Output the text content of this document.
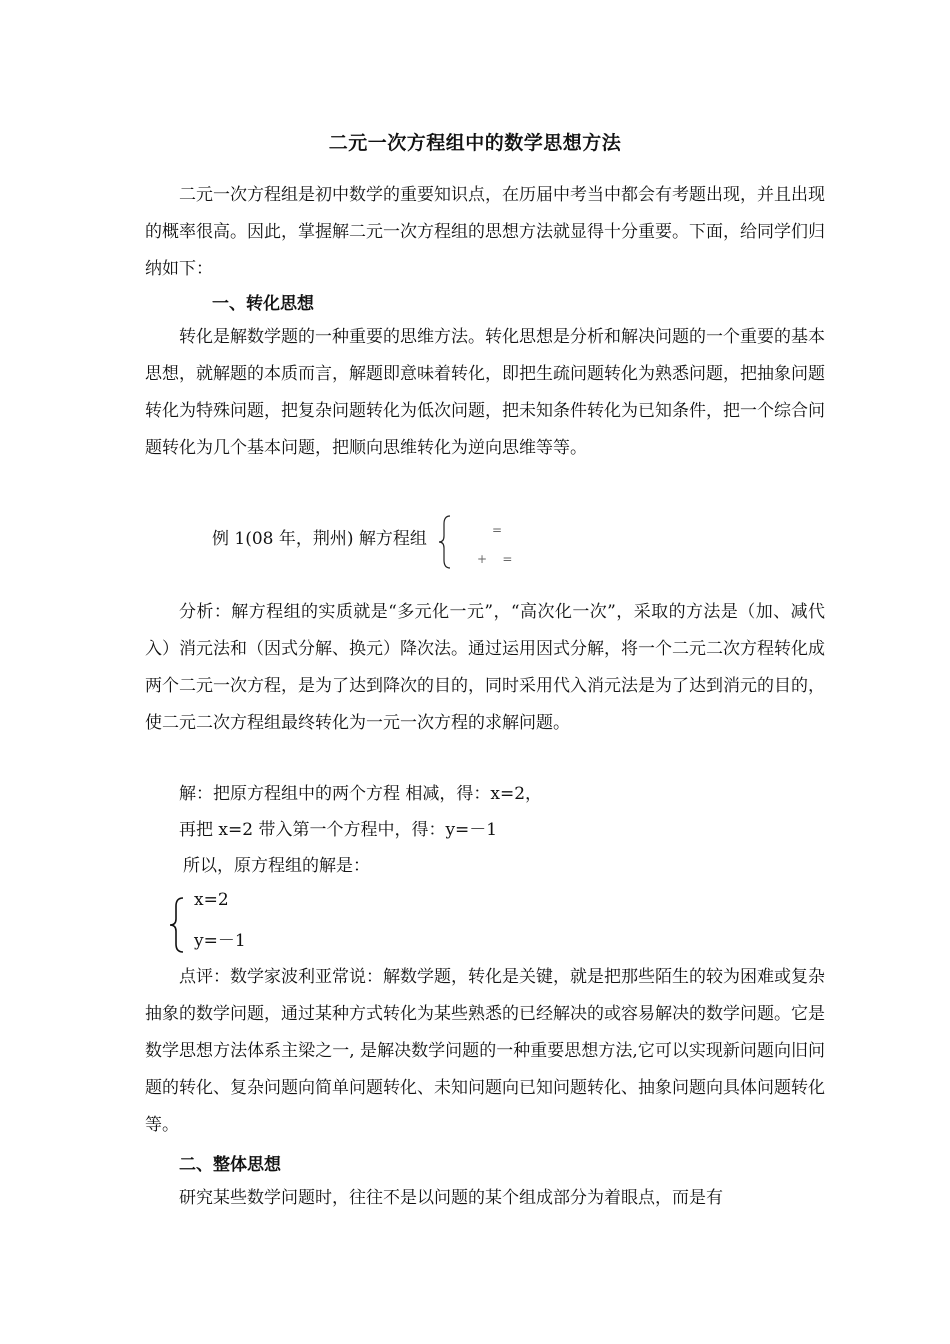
二元一次方程组中的数学思想方法
二元一次方程组是初中数学的重要知识点，在历届中考当中都会有考题出现，并且出现的概率很高。因此，掌握解二元一次方程组的思想方法就显得十分重要。下面，给同学们归纳如下：
一、转化思想
转化是解数学题的一种重要的思维方法。转化思想是分析和解决问题的一个重要的基本思想，就解题的本质而言，解题即意味着转化，即把生疏问题转化为熟悉问题，把抽象问题转化为特殊问题，把复杂问题转化为低次问题，把未知条件转化为已知条件，把一个综合问题转化为几个基本问题，把顺向思维转化为逆向思维等等。
例 1(08 年，荆州) 解方程组	=
+    =
分析：解方程组的实质就是“多元化一元”，“高次化一次”，采取的方法是（加、减代入）消元法和（因式分解、换元）降次法。通过运用因式分解，将一个二元二次方程转化成两个二元一次方程，是为了达到降次的目的，同时采用代入消元法是为了达到消元的目的，使二元二次方程组最终转化为一元一次方程的求解问题。
解：把原方程组中的两个方程 相减，得：x=2，
再把 x=2 带入第一个方程中，得：y=－1
所以，原方程组的解是：
x=2
y=－1
点评：数学家波利亚常说：解数学题，转化是关键，就是把那些陌生的较为困难或复杂抽象的数学问题，通过某种方式转化为某些熟悉的已经解决的或容易解决的数学问题。它是数学思想方法体系主梁之一, 是解决数学问题的一种重要思想方法,它可以实现新问题向旧问题的转化、复杂问题向简单问题转化、未知问题向已知问题转化、抽象问题向具体问题转化等。
二、整体思想
研究某些数学问题时，往往不是以问题的某个组成部分为着眼点，而是有
